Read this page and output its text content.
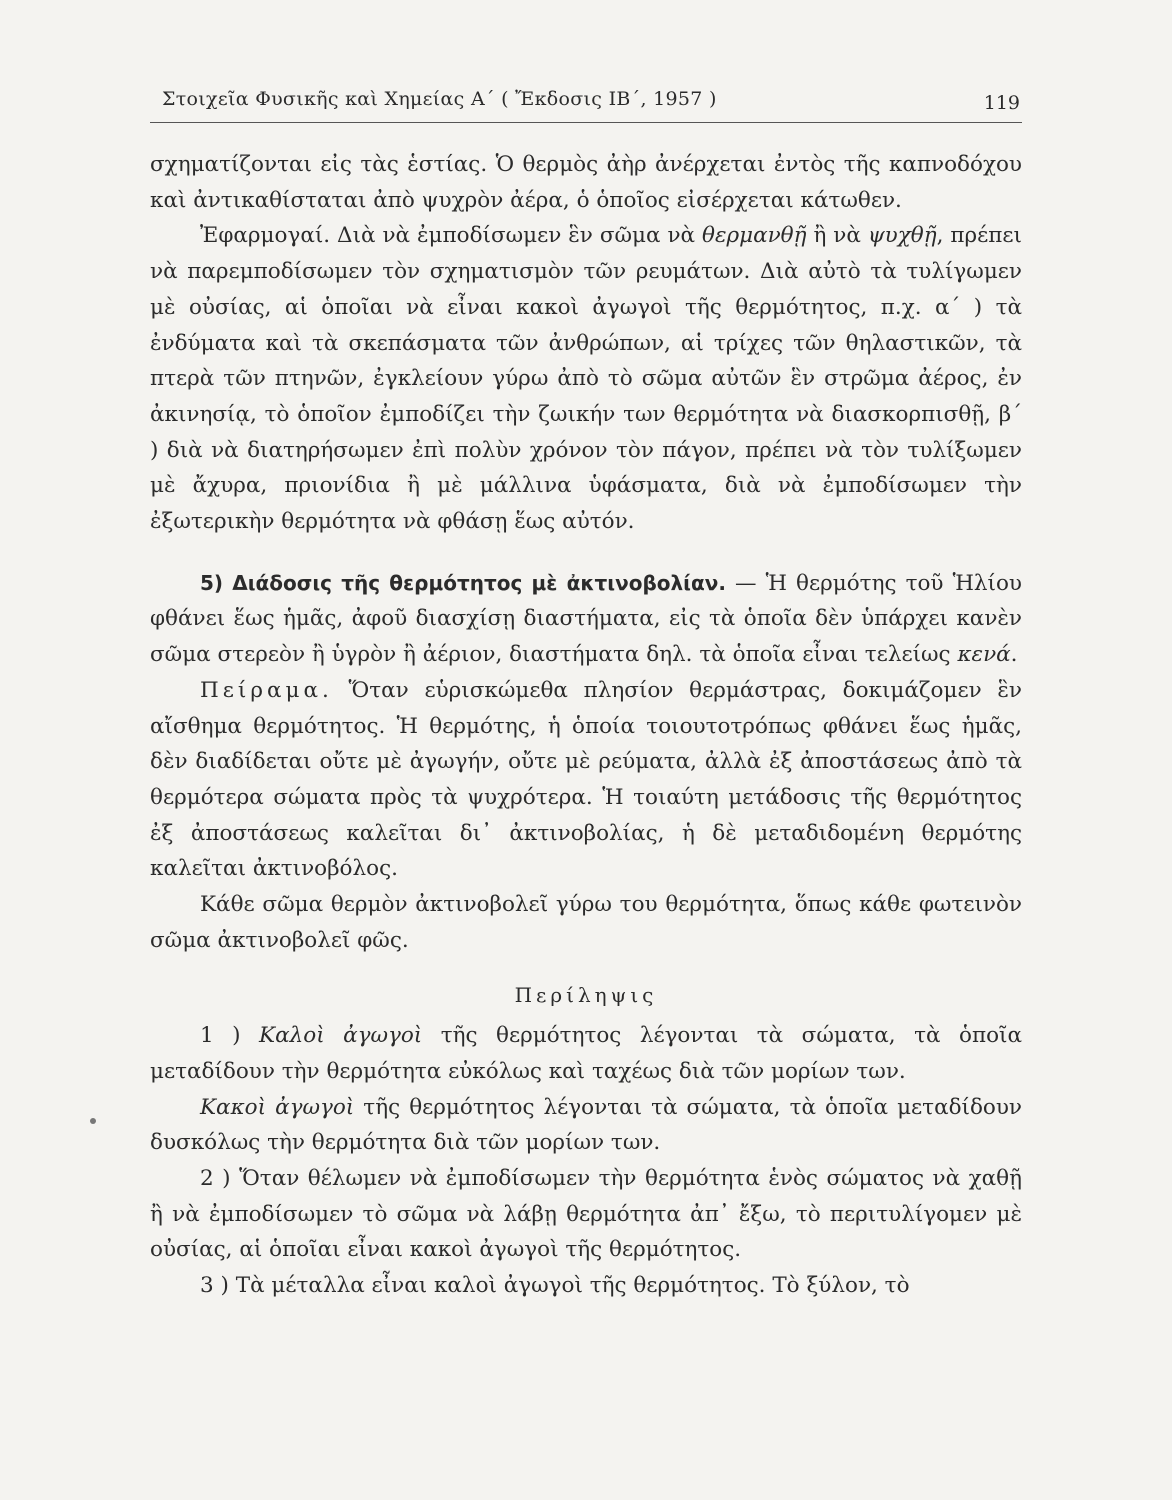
Στοιχεῖα Φυσικῆς καὶ Χημείας Α΄ ( Ἔκδοσις ΙΒ΄, 1957 )	119

σχηματίζονται εἰς τὰς ἑστίας. Ὁ θερμὸς ἀὴρ ἀνέρχεται ἐντὸς τῆς καπνοδόχου καὶ ἀντικαθίσταται ἀπὸ ψυχρὸν ἀέρα, ὁ ὁποῖος εἰσέρχεται κάτωθεν.

Ἐφαρμογαί. Διὰ νὰ ἐμποδίσωμεν ἓν σῶμα νὰ θερμανθῇ ἢ νὰ ψυχθῇ, πρέπει νὰ παρεμποδίσωμεν τὸν σχηματισμὸν τῶν ρευμάτων. Διὰ αὐτὸ τὰ τυλίγωμεν μὲ οὐσίας, αἱ ὁποῖαι νὰ εἶναι κακοὶ ἀγωγοὶ τῆς θερμότητος, π.χ. α΄ ) τὰ ἐνδύματα καὶ τὰ σκεπάσματα τῶν ἀνθρώπων, αἱ τρίχες τῶν θηλαστικῶν, τὰ πτερὰ τῶν πτηνῶν, ἐγκλείουν γύρω ἀπὸ τὸ σῶμα αὐτῶν ἓν στρῶμα ἀέρος, ἐν ἀκινησίᾳ, τὸ ὁποῖον ἐμποδίζει τὴν ζωικήν των θερμότητα νὰ διασκορπισθῇ, β΄ ) διὰ νὰ διατηρήσωμεν ἐπὶ πολὺν χρόνον τὸν πάγον, πρέπει νὰ τὸν τυλίξωμεν μὲ ἄχυρα, πριονίδια ἢ μὲ μάλλινα ὑφάσματα, διὰ νὰ ἐμποδίσωμεν τὴν ἐξωτερικὴν θερμότητα νὰ φθάσῃ ἕως αὐτόν.

5) Διάδοσις τῆς θερμότητος μὲ ἀκτινοβολίαν. — Ἡ θερμότης τοῦ Ἡλίου φθάνει ἕως ἡμᾶς, ἀφοῦ διασχίσῃ διαστήματα, εἰς τὰ ὁποῖα δὲν ὑπάρχει κανὲν σῶμα στερεὸν ἢ ὑγρὸν ἢ ἀέριον, διαστήματα δηλ. τὰ ὁποῖα εἶναι τελείως κενά.

Πείραμα. Ὅταν εὑρισκώμεθα πλησίον θερμάστρας, δοκιμάζομεν ἓν αἴσθημα θερμότητος. Ἡ θερμότης, ἡ ὁποία τοιουτοτρόπως φθάνει ἕως ἡμᾶς, δὲν διαδίδεται οὔτε μὲ ἀγωγήν, οὔτε μὲ ρεύματα, ἀλλὰ ἐξ ἀποστάσεως ἀπὸ τὰ θερμότερα σώματα πρὸς τὰ ψυχρότερα. Ἡ τοιαύτη μετάδοσις τῆς θερμότητος ἐξ ἀποστάσεως καλεῖται δι᾽ ἀκτινοβολίας, ἡ δὲ μεταδιδομένη θερμότης καλεῖται ἀκτινοβόλος.

Κάθε σῶμα θερμὸν ἀκτινοβολεῖ γύρω του θερμότητα, ὅπως κάθε φωτεινὸν σῶμα ἀκτινοβολεῖ φῶς.

Περίληψις

1 ) Καλοὶ ἀγωγοὶ τῆς θερμότητος λέγονται τὰ σώματα, τὰ ὁποῖα μεταδίδουν τὴν θερμότητα εὐκόλως καὶ ταχέως διὰ τῶν μορίων των.

Κακοὶ ἀγωγοὶ τῆς θερμότητος λέγονται τὰ σώματα, τὰ ὁποῖα μεταδίδουν δυσκόλως τὴν θερμότητα διὰ τῶν μορίων των.

2 ) Ὅταν θέλωμεν νὰ ἐμποδίσωμεν τὴν θερμότητα ἑνὸς σώματος νὰ χαθῇ ἢ νὰ ἐμποδίσωμεν τὸ σῶμα νὰ λάβῃ θερμότητα ἀπ᾽ ἔξω, τὸ περιτυλίγομεν μὲ οὐσίας, αἱ ὁποῖαι εἶναι κακοὶ ἀγωγοὶ τῆς θερμότητος.

3 ) Τὰ μέταλλα εἶναι καλοὶ ἀγωγοὶ τῆς θερμότητος. Τὸ ξύλον, τὸ
